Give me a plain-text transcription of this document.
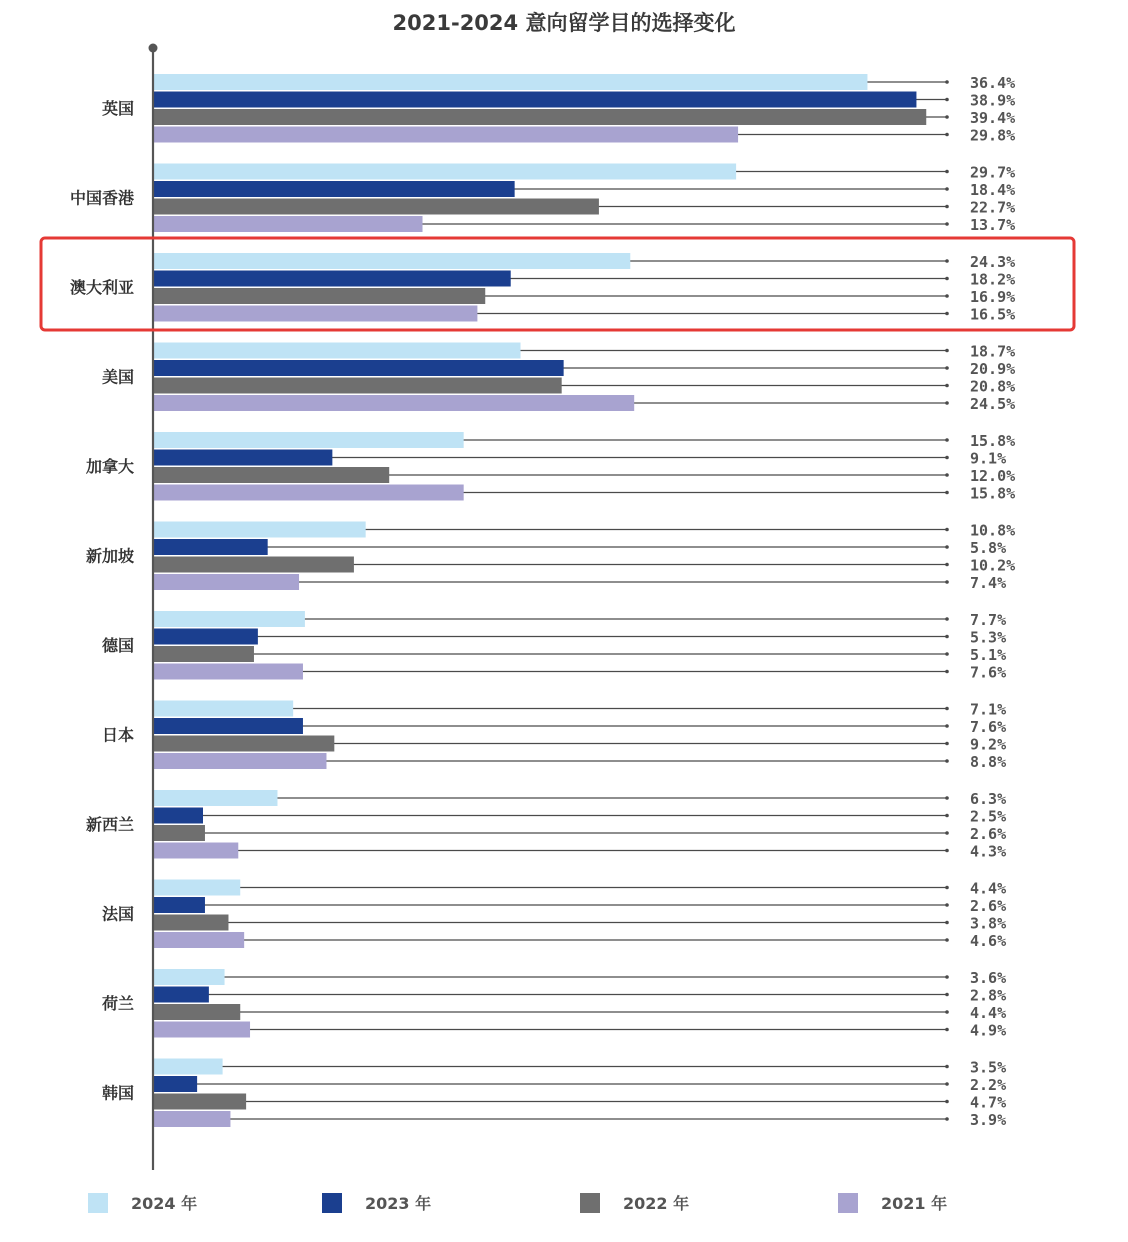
2021-2024 意向留学目的选择变化
36.4%
38.9%
39.4%
29.8%
29.7%
18.4%
22.7%
13.7%
24.3%
18.2%
16.9%
16.5%
18.7%
20.9%
20.8%
24.5%
15.8%
9.1%
12.0%
15.8%
10.8%
5.8%
10.2%
7.4%
7.7%
5.3%
5.1%
7.6%
7.1%
7.6%
9.2%
8.8%
6.3%
2.5%
2.6%
4.3%
4.4%
2.6%
3.8%
4.6%
3.6%
2.8%
4.4%
4.9%
3.5%
2.2%
4.7%
3.9%
英国
中国香港
澳大利亚
美国
加拿大
新加坡
德国
日本
新西兰
法国
荷兰
韩国
2024 年	2023 年	2022 年	2021 年
